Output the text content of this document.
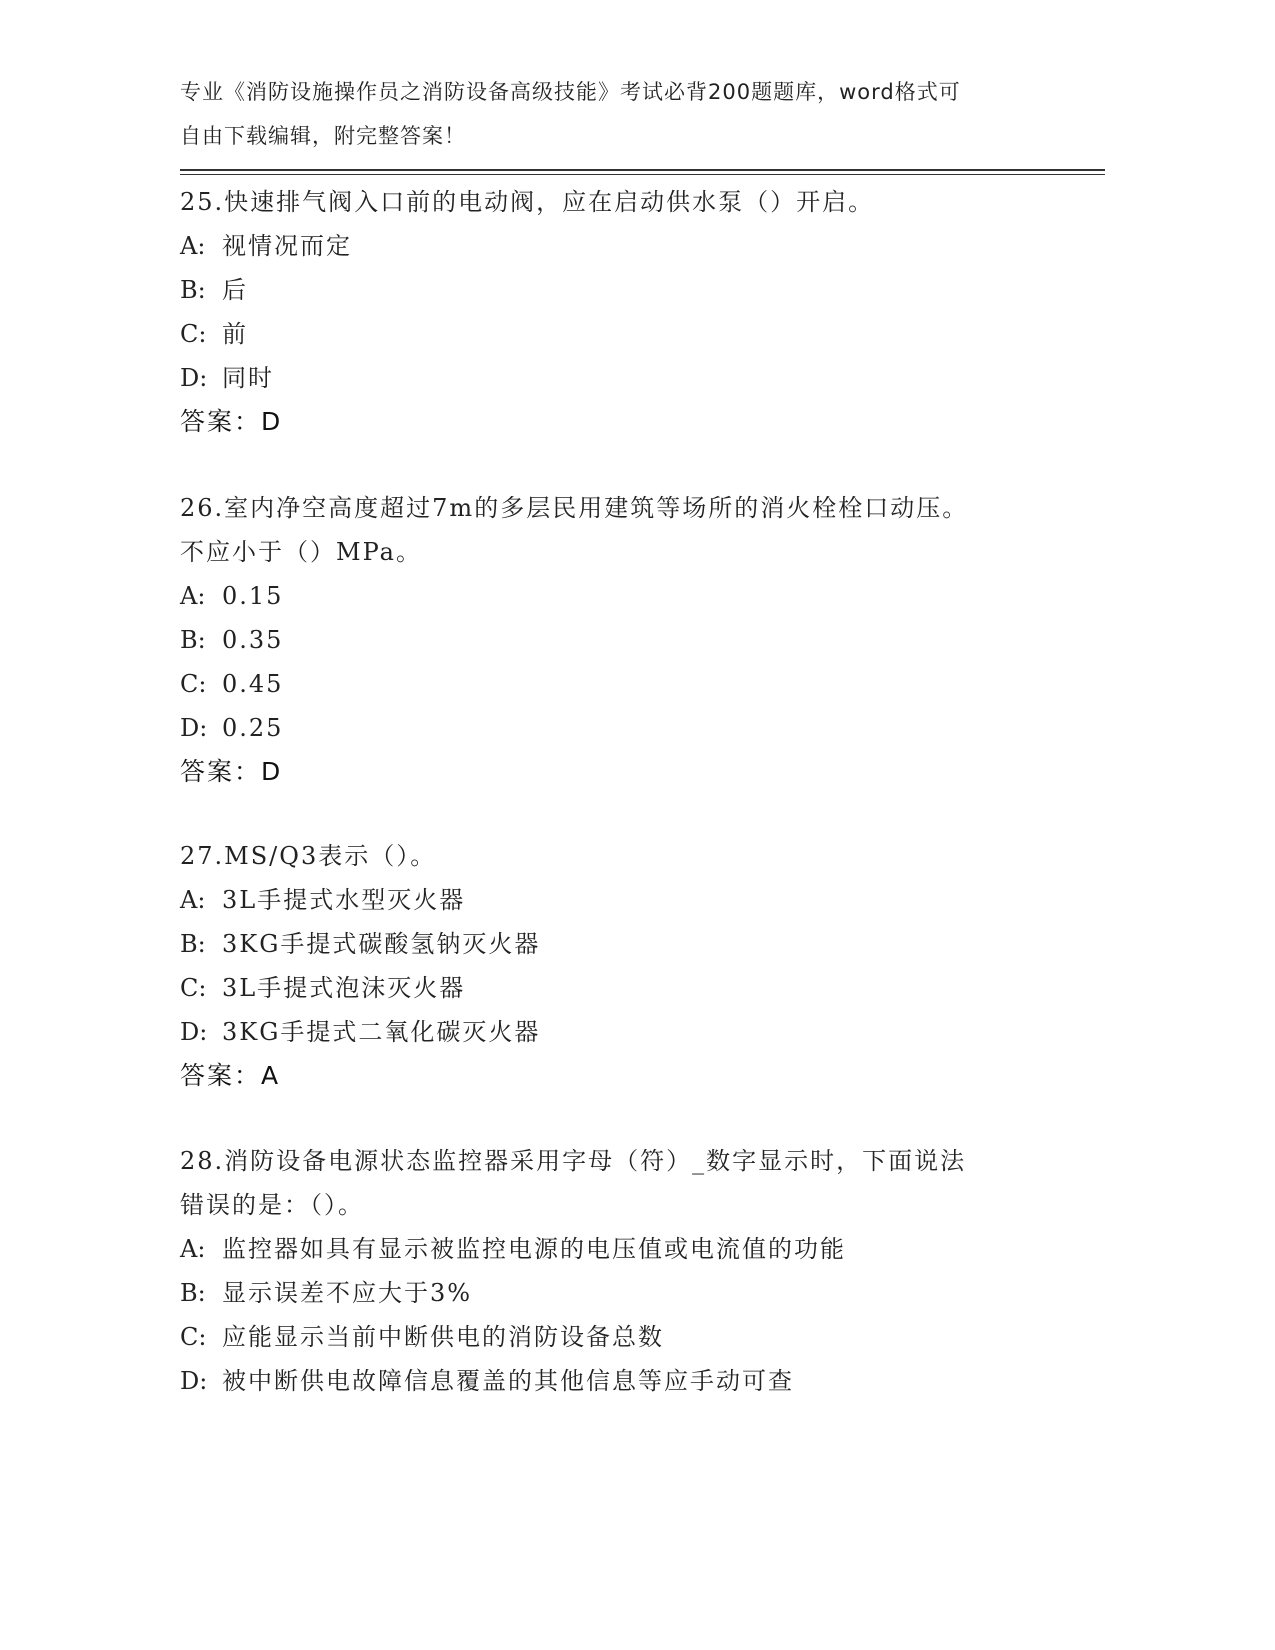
专业《消防设施操作员之消防设备高级技能》考试必背200题题库，word格式可
自由下载编辑，附完整答案！
25.快速排气阀入口前的电动阀，应在启动供水泵（）开启。
A: 视情况而定
B: 后
C: 前
D: 同时
答案：D
26.室内净空高度超过7m的多层民用建筑等场所的消火栓栓口动压。
不应小于（）MPa。
A: 0.15
B: 0.35
C: 0.45
D: 0.25
答案：D
27.MS/Q3表示（）。
A: 3L手提式水型灭火器
B: 3KG手提式碳酸氢钠灭火器
C: 3L手提式泡沫灭火器
D: 3KG手提式二氧化碳灭火器
答案：A
28.消防设备电源状态监控器采用字母（符）_数字显示时，下面说法
错误的是：（）。
A: 监控器如具有显示被监控电源的电压值或电流值的功能
B: 显示误差不应大于3%
C: 应能显示当前中断供电的消防设备总数
D: 被中断供电故障信息覆盖的其他信息等应手动可查
